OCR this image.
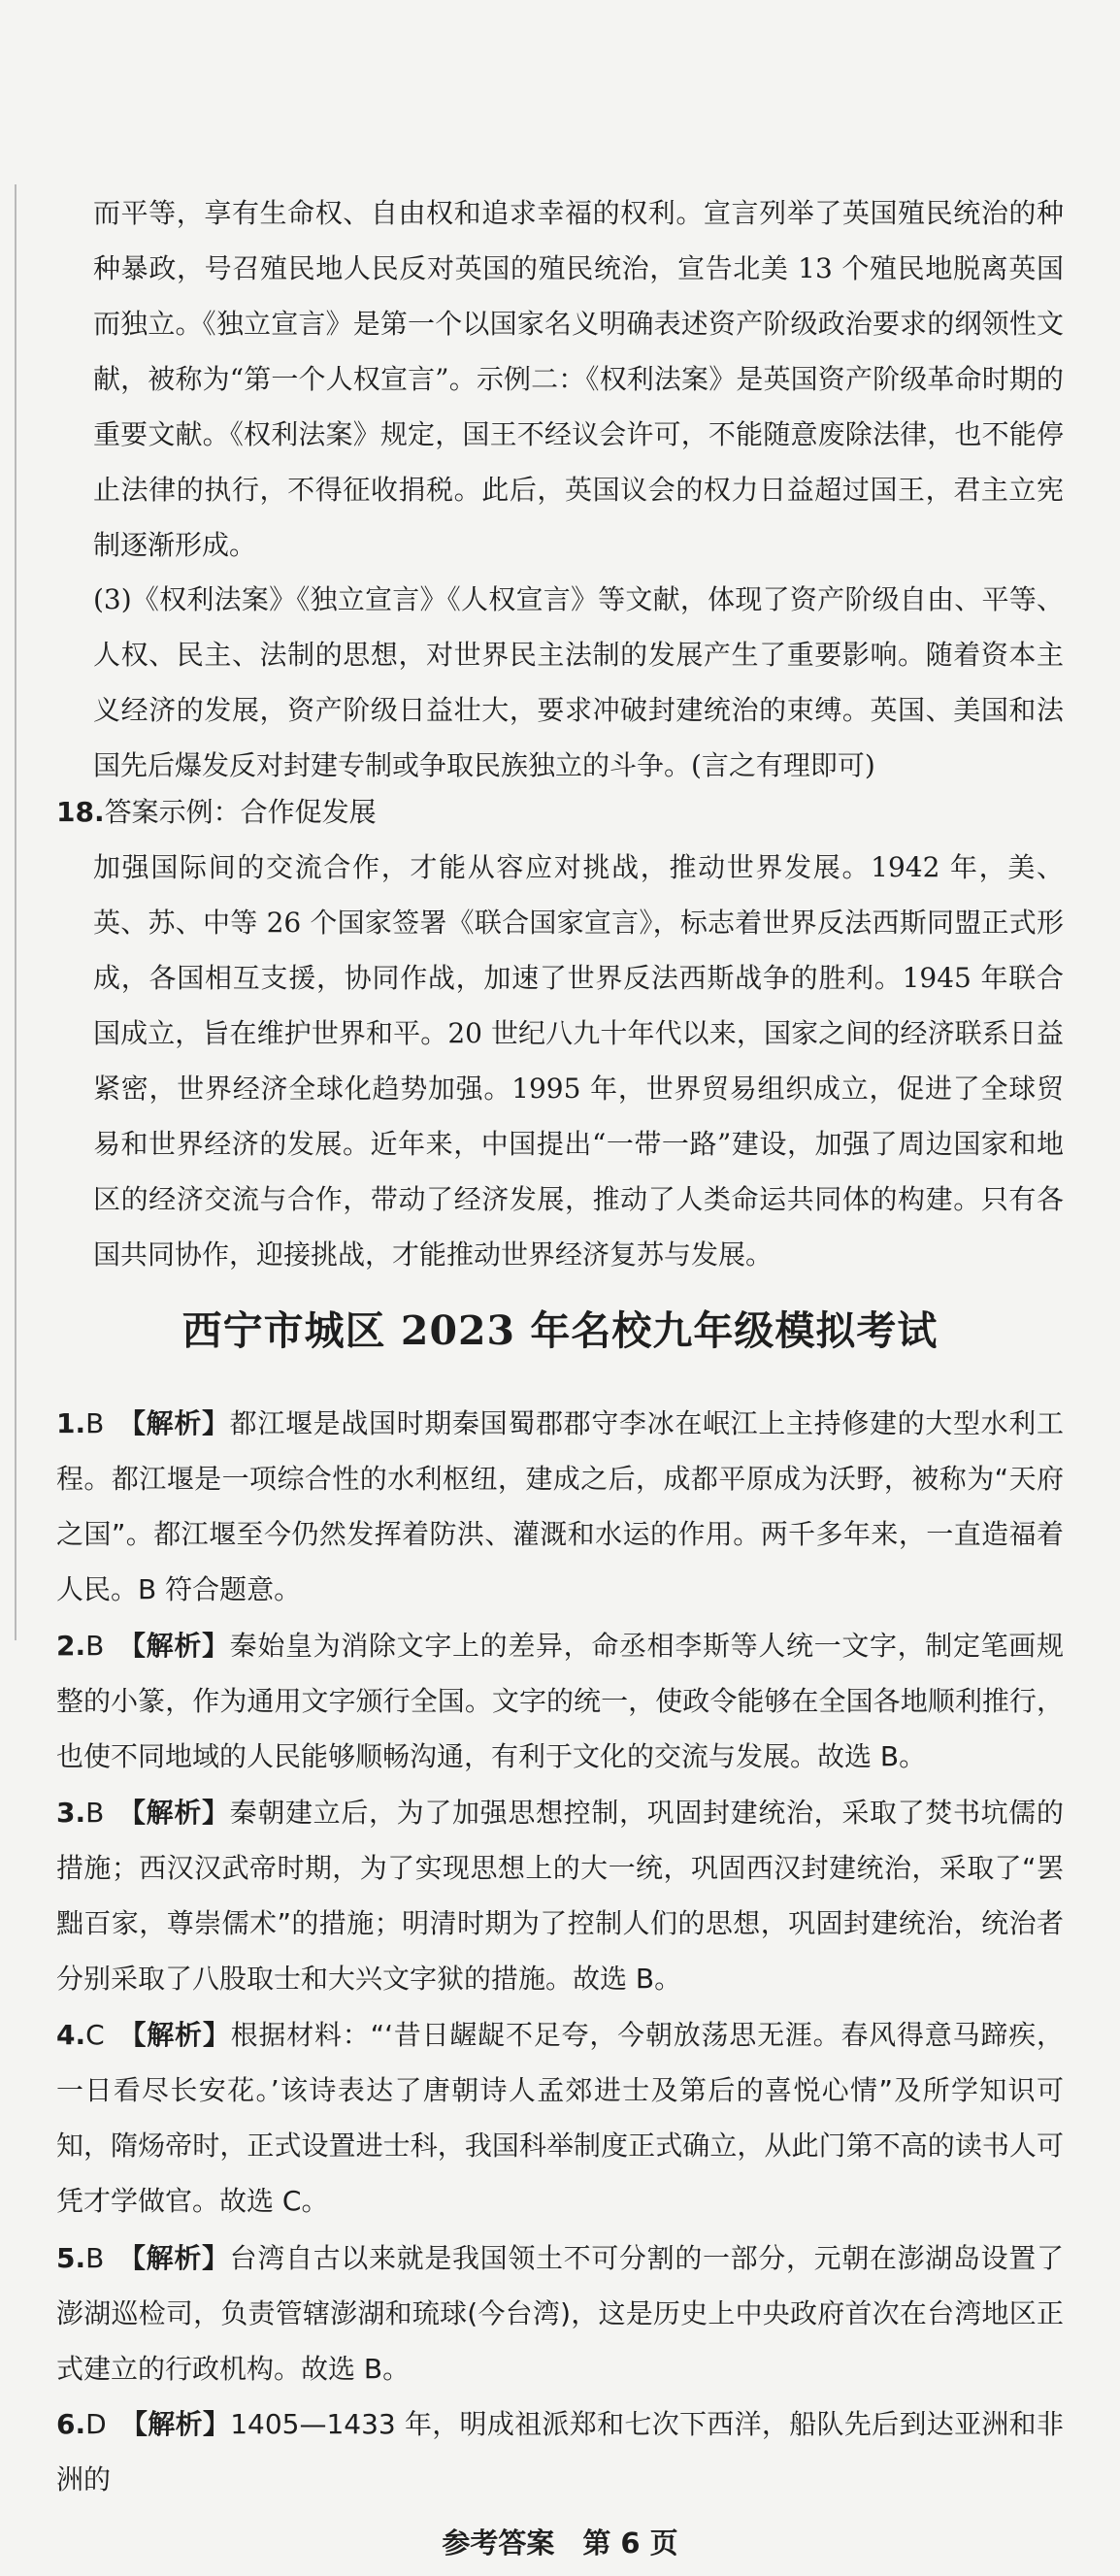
而平等，享有生命权、自由权和追求幸福的权利。宣言列举了英国殖民统治的种种暴政，号召殖民地人民反对英国的殖民统治，宣告北美 13 个殖民地脱离英国而独立。《独立宣言》是第一个以国家名义明确表述资产阶级政治要求的纲领性文献，被称为“第一个人权宣言”。示例二：《权利法案》是英国资产阶级革命时期的重要文献。《权利法案》规定，国王不经议会许可，不能随意废除法律，也不能停止法律的执行，不得征收捐税。此后，英国议会的权力日益超过国王，君主立宪制逐渐形成。

(3)《权利法案》《独立宣言》《人权宣言》等文献，体现了资产阶级自由、平等、人权、民主、法制的思想，对世界民主法制的发展产生了重要影响。随着资本主义经济的发展，资产阶级日益壮大，要求冲破封建统治的束缚。英国、美国和法国先后爆发反对封建专制或争取民族独立的斗争。(言之有理即可)

18.答案示例：合作促发展

加强国际间的交流合作，才能从容应对挑战，推动世界发展。1942 年，美、英、苏、中等 26 个国家签署《联合国家宣言》，标志着世界反法西斯同盟正式形成，各国相互支援，协同作战，加速了世界反法西斯战争的胜利。1945 年联合国成立，旨在维护世界和平。20 世纪八九十年代以来，国家之间的经济联系日益紧密，世界经济全球化趋势加强。1995 年，世界贸易组织成立，促进了全球贸易和世界经济的发展。近年来，中国提出“一带一路”建设，加强了周边国家和地区的经济交流与合作，带动了经济发展，推动了人类命运共同体的构建。只有各国共同协作，迎接挑战，才能推动世界经济复苏与发展。

西宁市城区 2023 年名校九年级模拟考试

1.B 【解析】都江堰是战国时期秦国蜀郡郡守李冰在岷江上主持修建的大型水利工程。都江堰是一项综合性的水利枢纽，建成之后，成都平原成为沃野，被称为“天府之国”。都江堰至今仍然发挥着防洪、灌溉和水运的作用。两千多年来，一直造福着人民。B 符合题意。

2.B 【解析】秦始皇为消除文字上的差异，命丞相李斯等人统一文字，制定笔画规整的小篆，作为通用文字颁行全国。文字的统一，使政令能够在全国各地顺利推行，也使不同地域的人民能够顺畅沟通，有利于文化的交流与发展。故选 B。

3.B 【解析】秦朝建立后，为了加强思想控制，巩固封建统治，采取了焚书坑儒的措施；西汉汉武帝时期，为了实现思想上的大一统，巩固西汉封建统治，采取了“罢黜百家，尊崇儒术”的措施；明清时期为了控制人们的思想，巩固封建统治，统治者分别采取了八股取士和大兴文字狱的措施。故选 B。

4.C 【解析】根据材料：“‘昔日龌龊不足夸，今朝放荡思无涯。春风得意马蹄疾，一日看尽长安花。’该诗表达了唐朝诗人孟郊进士及第后的喜悦心情”及所学知识可知，隋炀帝时，正式设置进士科，我国科举制度正式确立，从此门第不高的读书人可凭才学做官。故选 C。

5.B 【解析】台湾自古以来就是我国领土不可分割的一部分，元朝在澎湖岛设置了澎湖巡检司，负责管辖澎湖和琉球(今台湾)，这是历史上中央政府首次在台湾地区正式建立的行政机构。故选 B。

6.D 【解析】1405—1433 年，明成祖派郑和七次下西洋，船队先后到达亚洲和非洲的

参考答案　第 6 页
